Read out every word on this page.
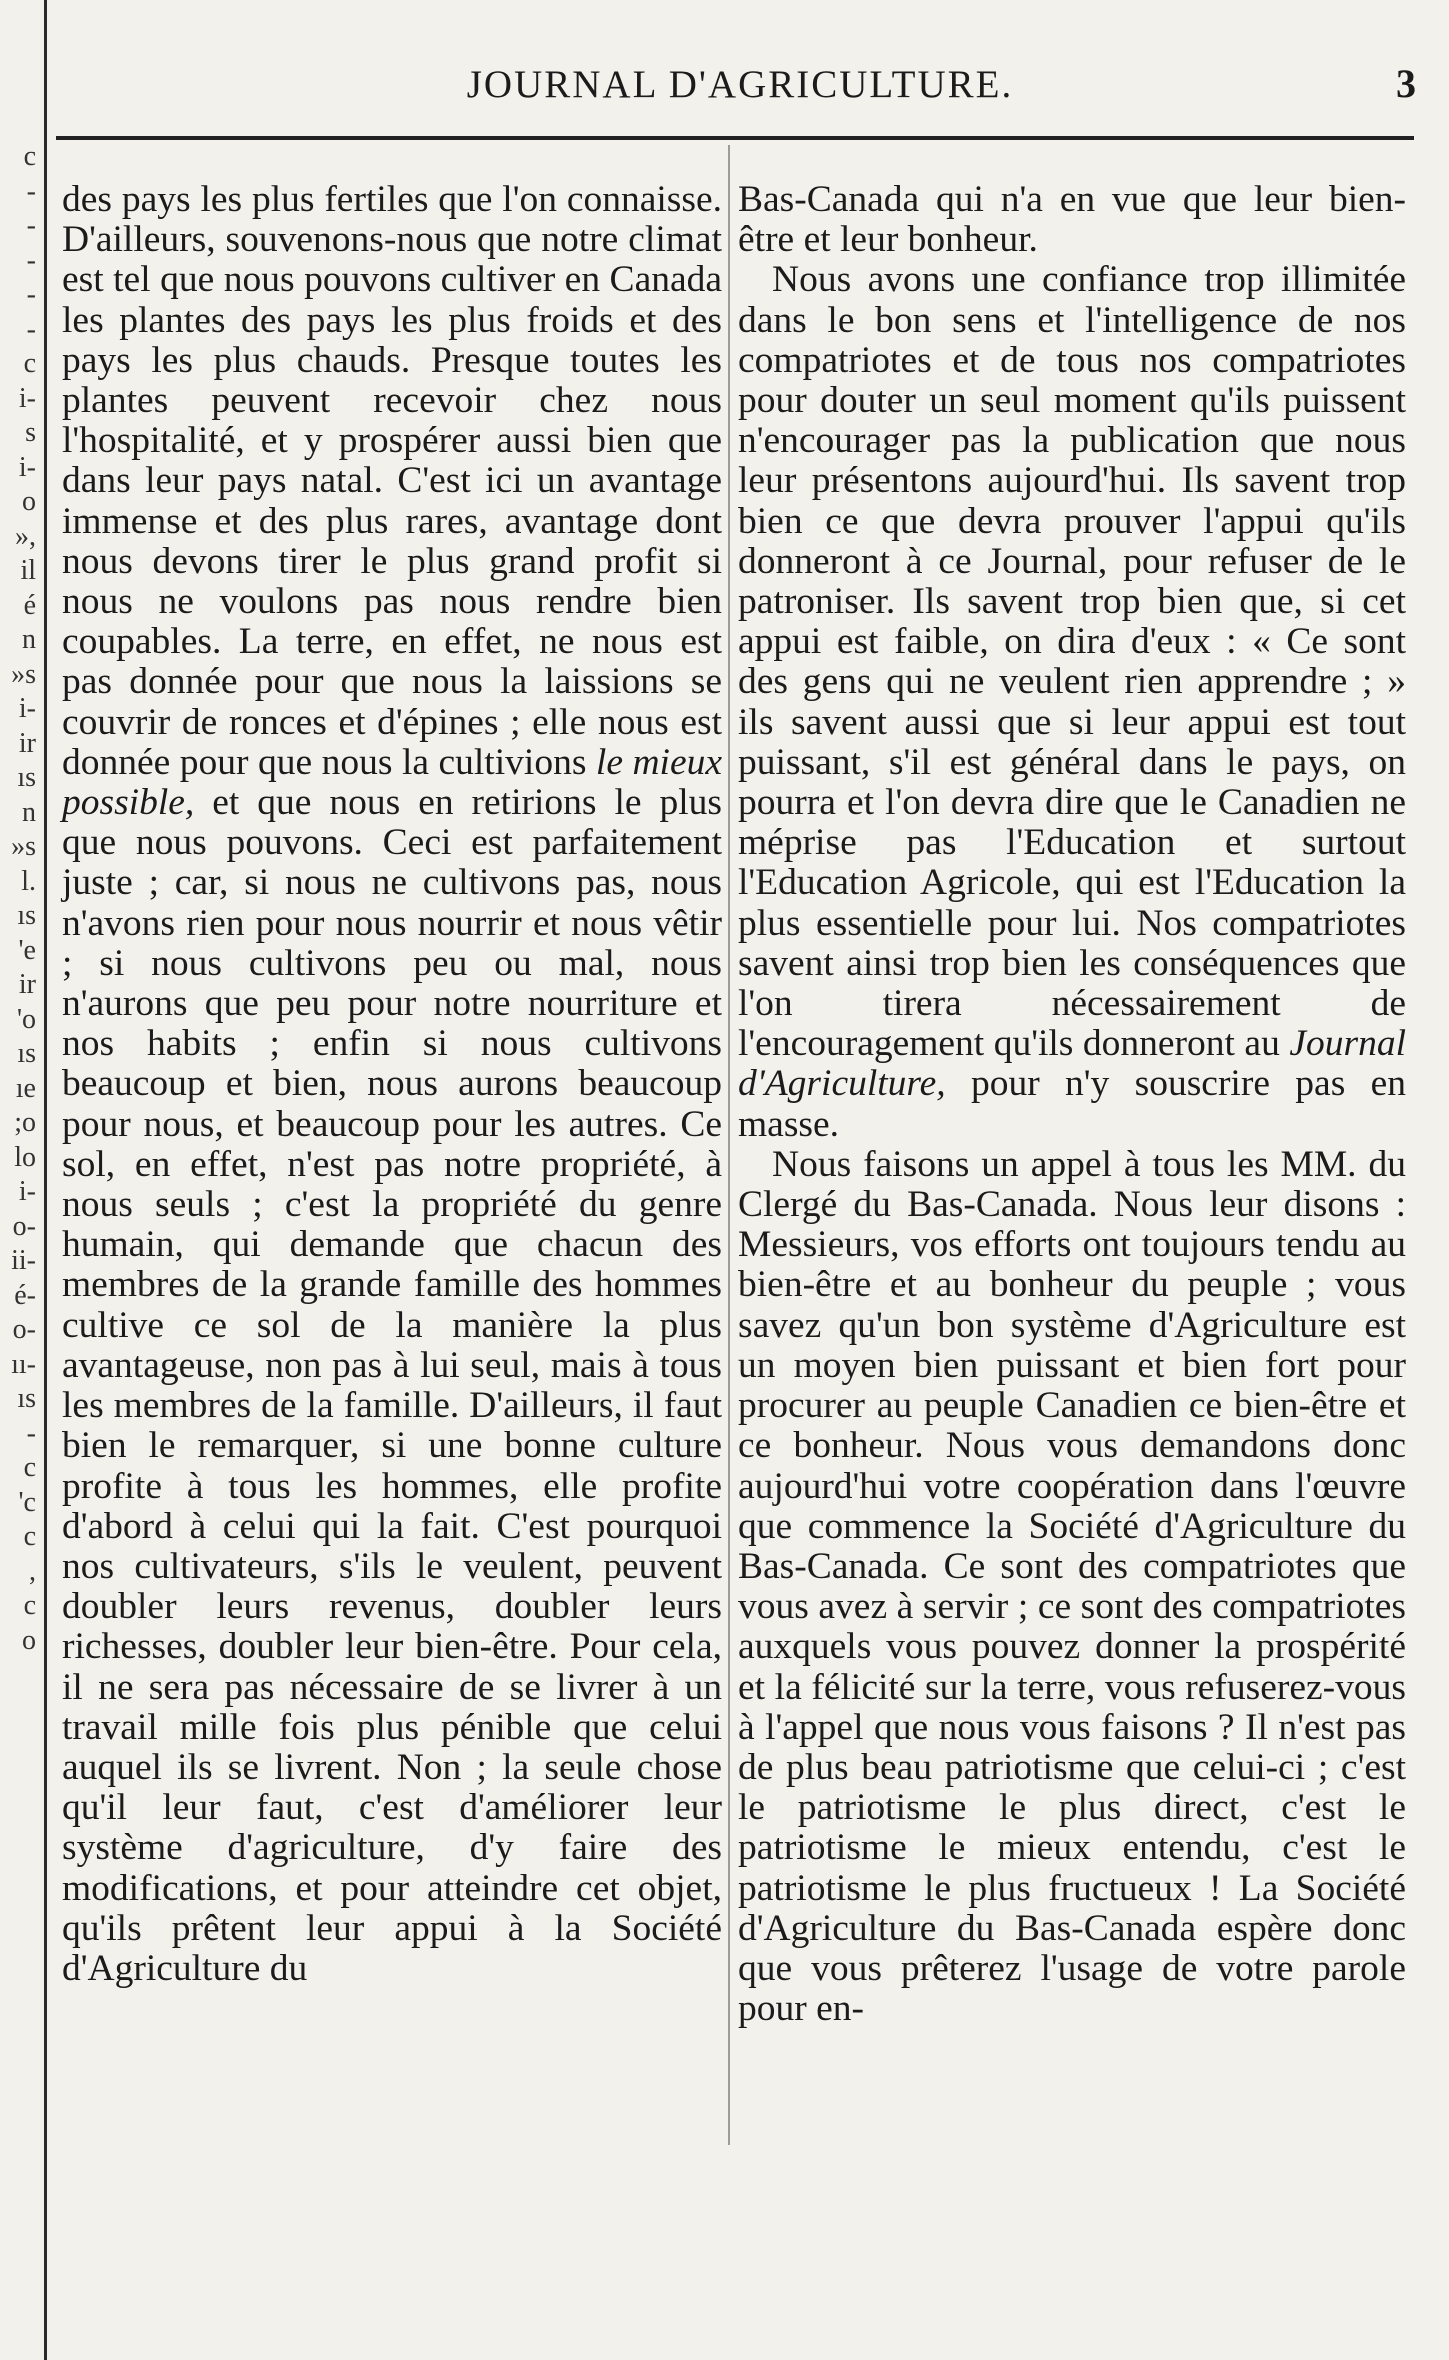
c
-
-
-
-
-
c
i-
s
i-
o
»,
il
é
n
»s
i-
ir
ıs
n
»s
l.
ıs
'e
ir
'o
ıs
ıe
;o
lo
i-
o-
ii-
é-
o-
ıı-
ıs
-
c
'c
c
,
c
o
JOURNAL D'AGRICULTURE.	3

des pays les plus fertiles que l'on connaisse. D'ailleurs, souvenons-nous que notre climat est tel que nous pouvons cultiver en Canada les plantes des pays les plus froids et des pays les plus chauds. Presque toutes les plantes peuvent recevoir chez nous l'hospitalité, et y prospérer aussi bien que dans leur pays natal. C'est ici un avantage immense et des plus rares, avantage dont nous devons tirer le plus grand profit si nous ne voulons pas nous rendre bien coupables. La terre, en effet, ne nous est pas donnée pour que nous la laissions se couvrir de ronces et d'épines ; elle nous est donnée pour que nous la cultivions le mieux possible, et que nous en retirions le plus que nous pouvons. Ceci est parfaitement juste ; car, si nous ne cultivons pas, nous n'avons rien pour nous nourrir et nous vêtir ; si nous cultivons peu ou mal, nous n'aurons que peu pour notre nourriture et nos habits ; enfin si nous cultivons beaucoup et bien, nous aurons beaucoup pour nous, et beaucoup pour les autres. Ce sol, en effet, n'est pas notre propriété, à nous seuls ; c'est la propriété du genre humain, qui demande que chacun des membres de la grande famille des hommes cultive ce sol de la manière la plus avantageuse, non pas à lui seul, mais à tous les membres de la famille. D'ailleurs, il faut bien le remarquer, si une bonne culture profite à tous les hommes, elle profite d'abord à celui qui la fait. C'est pourquoi nos cultivateurs, s'ils le veulent, peuvent doubler leurs revenus, doubler leurs richesses, doubler leur bien-être. Pour cela, il ne sera pas nécessaire de se livrer à un travail mille fois plus pénible que celui auquel ils se livrent. Non ; la seule chose qu'il leur faut, c'est d'améliorer leur système d'agriculture, d'y faire des modifications, et pour atteindre cet objet, qu'ils prêtent leur appui à la Société d'Agriculture du

Bas-Canada qui n'a en vue que leur bien-être et leur bonheur.

Nous avons une confiance trop illimitée dans le bon sens et l'intelligence de nos compatriotes et de tous nos compatriotes pour douter un seul moment qu'ils puissent n'encourager pas la publication que nous leur présentons aujourd'hui. Ils savent trop bien ce que devra prouver l'appui qu'ils donneront à ce Journal, pour refuser de le patroniser. Ils savent trop bien que, si cet appui est faible, on dira d'eux : « Ce sont des gens qui ne veulent rien apprendre ; » ils savent aussi que si leur appui est tout puissant, s'il est général dans le pays, on pourra et l'on devra dire que le Canadien ne méprise pas l'Education et surtout l'Education Agricole, qui est l'Education la plus essentielle pour lui. Nos compatriotes savent ainsi trop bien les conséquences que l'on tirera nécessairement de l'encouragement qu'ils donneront au Journal d'Agriculture, pour n'y souscrire pas en masse.

Nous faisons un appel à tous les MM. du Clergé du Bas-Canada. Nous leur disons : Messieurs, vos efforts ont toujours tendu au bien-être et au bonheur du peuple ; vous savez qu'un bon système d'Agriculture est un moyen bien puissant et bien fort pour procurer au peuple Canadien ce bien-être et ce bonheur. Nous vous demandons donc aujourd'hui votre coopération dans l'œuvre que commence la Société d'Agriculture du Bas-Canada. Ce sont des compatriotes que vous avez à servir ; ce sont des compatriotes auxquels vous pouvez donner la prospérité et la félicité sur la terre, vous refuserez-vous à l'appel que nous vous faisons ? Il n'est pas de plus beau patriotisme que celui-ci ; c'est le patriotisme le plus direct, c'est le patriotisme le mieux entendu, c'est le patriotisme le plus fructueux ! La Société d'Agriculture du Bas-Canada espère donc que vous prêterez l'usage de votre parole pour en-
